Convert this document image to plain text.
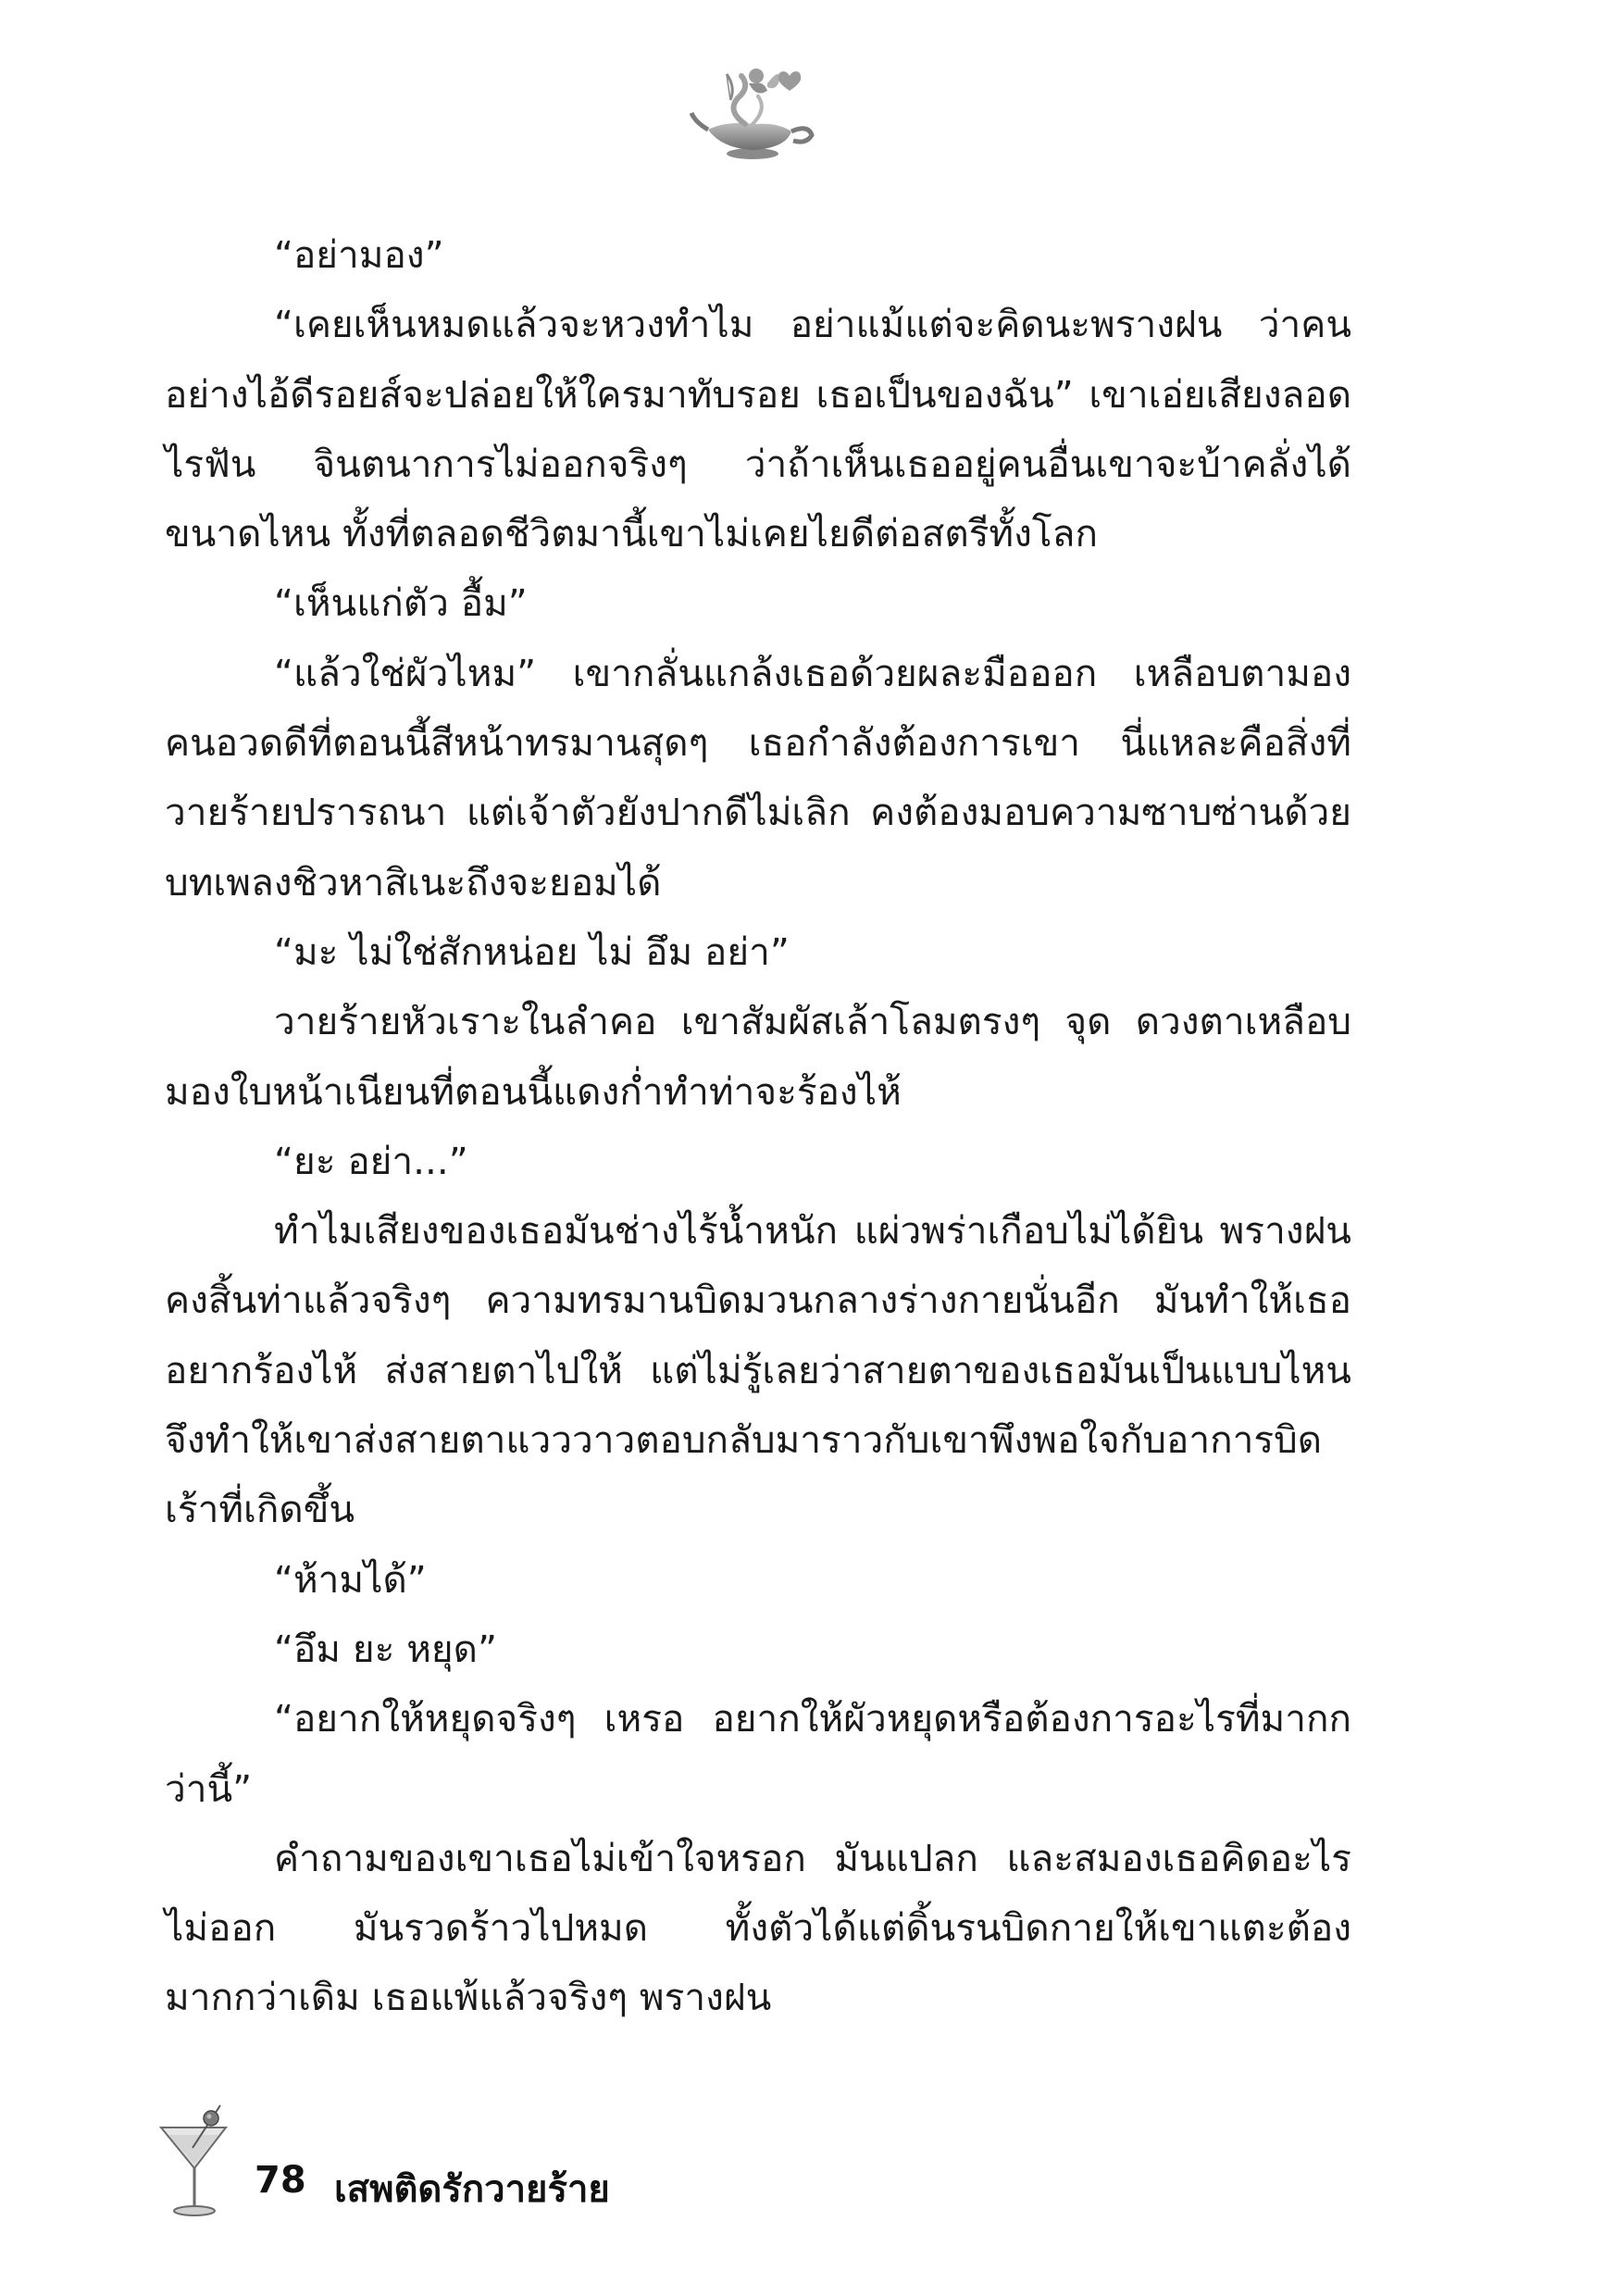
“อย่ามอง”

“เคยเห็นหมดแล้วจะหวงทำไม อย่าแม้แต่จะคิดนะพรางฝน ว่าคนอย่างไอ้ดีรอยส์จะปล่อยให้ใครมาทับรอย เธอเป็นของฉัน” เขาเอ่ยเสียงลอดไรฟัน จินตนาการไม่ออกจริงๆ ว่าถ้าเห็นเธออยู่คนอื่นเขาจะบ้าคลั่งได้ขนาดไหน ทั้งที่ตลอดชีวิตมานี้เขาไม่เคยไยดีต่อสตรีทั้งโลก

“เห็นแก่ตัว อื้ม”

“แล้วใช่ผัวไหม” เขากลั่นแกล้งเธอด้วยผละมือออก เหลือบตามองคนอวดดีที่ตอนนี้สีหน้าทรมานสุดๆ เธอกำลังต้องการเขา นี่แหละคือสิ่งที่วายร้ายปรารถนา แต่เจ้าตัวยังปากดีไม่เลิก คงต้องมอบความซาบซ่านด้วยบทเพลงชิวหาสิเนะถึงจะยอมได้

“มะ ไม่ใช่สักหน่อย ไม่ อึม อย่า”

วายร้ายหัวเราะในลำคอ เขาสัมผัสเล้าโลมตรงๆ จุด ดวงตาเหลือบมองใบหน้าเนียนที่ตอนนี้แดงก่ำทำท่าจะร้องไห้

“ยะ อย่า...”

ทำไมเสียงของเธอมันช่างไร้น้ำหนัก แผ่วพร่าเกือบไม่ได้ยิน พรางฝนคงสิ้นท่าแล้วจริงๆ ความทรมานบิดมวนกลางร่างกายนั่นอีก มันทำให้เธออยากร้องไห้ ส่งสายตาไปให้ แต่ไม่รู้เลยว่าสายตาของเธอมันเป็นแบบไหนจึงทำให้เขาส่งสายตาแวววาวตอบกลับมาราวกับเขาพึงพอใจกับอาการบิดเร้าที่เกิดขึ้น

“ห้ามได้”

“อึม ยะ หยุด”

“อยากให้หยุดจริงๆ เหรอ อยากให้ผัวหยุดหรือต้องการอะไรที่มากกว่านี้”

คำถามของเขาเธอไม่เข้าใจหรอก มันแปลก และสมองเธอคิดอะไรไม่ออก มันรวดร้าวไปหมด ทั้งตัวได้แต่ดิ้นรนบิดกายให้เขาแตะต้องมากกว่าเดิม เธอแพ้แล้วจริงๆ พรางฝน

78 เสพติดรักวายร้าย
